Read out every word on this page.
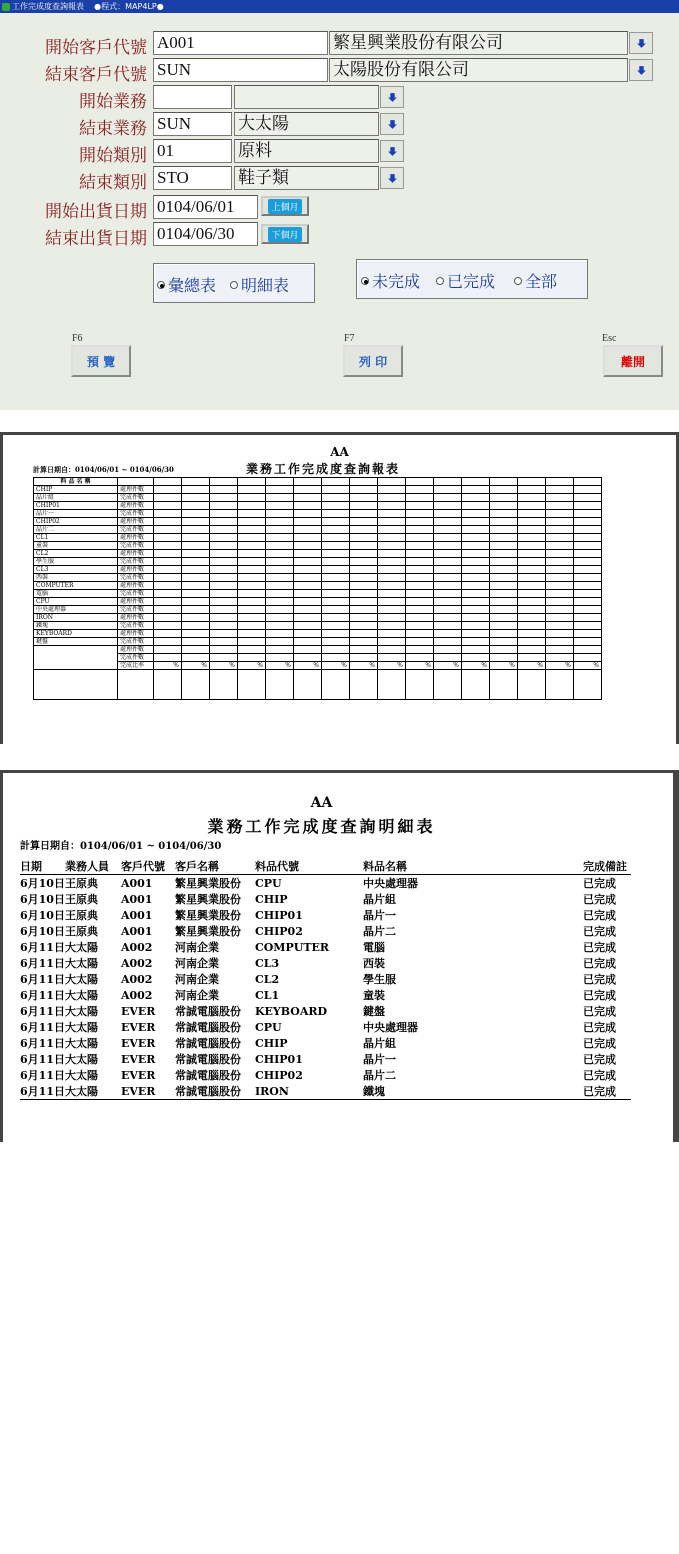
工作完成度查詢報表 ●程式：MAP4LP●
開始客戶代號 A001	繁星興業股份有限公司
結束客戶代號 SUN	太陽股份有限公司
開始業務
結束業務 SUN	大太陽
開始類別 01	原料
結束類別 STO	鞋子類
開始出貨日期 0104/06/01	上個月
結束出貨日期 0104/06/30	下個月
彙總表	明細表	未完成	已完成	全部
F6
預 覽
F7
列 印
Esc
離開
AA
計算日期自：0104/06/01 ~ 0104/06/30	業務工作完成度查詢報表
料 品 名 稱																	
CHIP	處理件數																
晶片組	完成件數																
CHIP01	處理件數																
晶片一	完成件數																
CHIP02	處理件數																
晶片二	完成件數																
CL1	處理件數																
童裝	完成件數																
CL2	處理件數																
學生服	完成件數																
CL3	處理件數																
西裝	完成件數																
COMPUTER	處理件數																
電腦	完成件數																
CPU	處理件數																
中央處理器	完成件數																
IRON	處理件數																
鐵塊	完成件數																
KEYBOARD	處理件數																
鍵盤	完成件數																
	處理件數																
	完成件數																
	完成比率	%	%	%	%	%	%	%	%	%	%	%	%	%	%	%	%

AA
業務工作完成度查詢明細表
計算日期自：0104/06/01 ~ 0104/06/30
日期	業務人員	客戶代號	客戶名稱	料品代號	料品名稱	完成備註
6月10日	王原典	A001	繁星興業股份	CPU	中央處理器	已完成
6月10日	王原典	A001	繁星興業股份	CHIP	晶片組	已完成
6月10日	王原典	A001	繁星興業股份	CHIP01	晶片一	已完成
6月10日	王原典	A001	繁星興業股份	CHIP02	晶片二	已完成
6月11日	大太陽	A002	河南企業	COMPUTER	電腦	已完成
6月11日	大太陽	A002	河南企業	CL3	西裝	已完成
6月11日	大太陽	A002	河南企業	CL2	學生服	已完成
6月11日	大太陽	A002	河南企業	CL1	童裝	已完成
6月11日	大太陽	EVER	常誠電腦股份	KEYBOARD	鍵盤	已完成
6月11日	大太陽	EVER	常誠電腦股份	CPU	中央處理器	已完成
6月11日	大太陽	EVER	常誠電腦股份	CHIP	晶片組	已完成
6月11日	大太陽	EVER	常誠電腦股份	CHIP01	晶片一	已完成
6月11日	大太陽	EVER	常誠電腦股份	CHIP02	晶片二	已完成
6月11日	大太陽	EVER	常誠電腦股份	IRON	鐵塊	已完成
